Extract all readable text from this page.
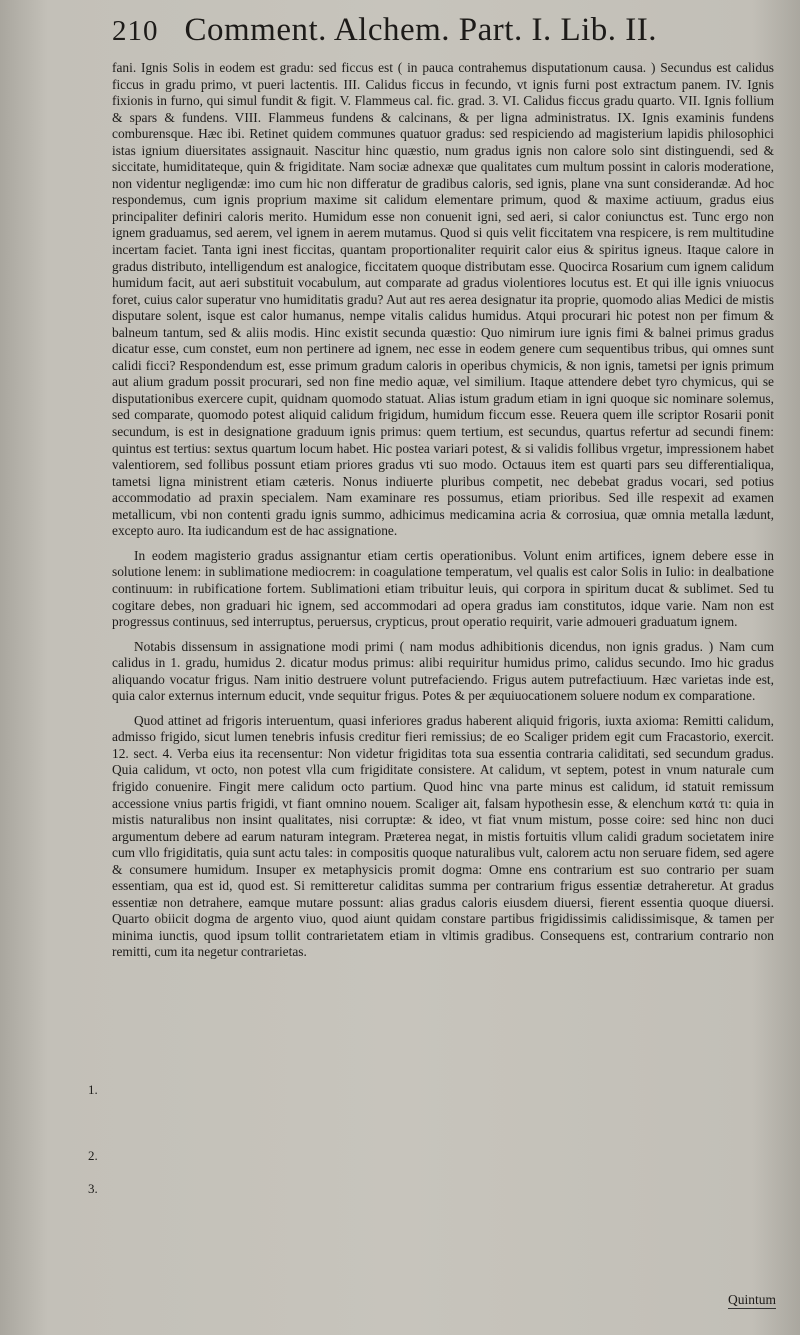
210 Comment. Alchem. Part. I. Lib. II.

fani. Ignis Solis in eodem est gradu: sed ficcus est ( in pauca contrahemus disputationum causa. ) Secundus est calidus ficcus in gradu primo, vt pueri lactentis. III. Calidus ficcus in fecundo, vt ignis furni post extractum panem. IV. Ignis fixionis in furno, qui simul fundit & figit. V. Flammeus cal. fic. grad. 3. VI. Calidus ficcus gradu quarto. VII. Ignis follium & spars & fundens. VIII. Flammeus fundens & calcinans, & per ligna administratus. IX. Ignis examinis fundens comburensque. Hæc ibi. Retinet quidem communes quatuor gradus: sed respiciendo ad magisterium lapidis philosophici istas ignium diuersitates assignauit. Nascitur hinc quæstio, num gradus ignis non calore solo sint distinguendi, sed & siccitate, humiditateque, quin & frigiditate. Nam sociæ adnexæ que qualitates cum multum possint in caloris moderatione, non videntur negligendæ: imo cum hic non differatur de gradibus caloris, sed ignis, plane vna sunt considerandæ. Ad hoc respondemus, cum ignis proprium maxime sit calidum elementare primum, quod & maxime actiuum, gradus eius principaliter definiri caloris merito. Humidum esse non conuenit igni, sed aeri, si calor coniunctus est. Tunc ergo non ignem graduamus, sed aerem, vel ignem in aerem mutamus. Quod si quis velit ficcitatem vna respicere, is rem multitudine incertam faciet. Tanta igni inest ficcitas, quantam proportionaliter requirit calor eius & spiritus igneus. Itaque calore in gradus distributo, intelligendum est analogice, ficcitatem quoque distributam esse. Quocirca Rosarium cum ignem calidum humidum facit, aut aeri substituit vocabulum, aut comparate ad gradus violentiores locutus est. Et qui ille ignis vniuocus foret, cuius calor superatur vno humiditatis gradu? Aut aut res aerea designatur ita proprie, quomodo alias Medici de mistis disputare solent, isque est calor humanus, nempe vitalis calidus humidus. Atqui procurari hic potest non per fimum & balneum tantum, sed & aliis modis. Hinc existit secunda quæstio: Quo nimirum iure ignis fimi & balnei primus gradus dicatur esse, cum constet, eum non pertinere ad ignem, nec esse in eodem genere cum sequentibus tribus, qui omnes sunt calidi ficci? Respondendum est, esse primum gradum caloris in operibus chymicis, & non ignis, tametsi per ignis primum aut alium gradum possit procurari, sed non fine medio aquæ, vel similium. Itaque attendere debet tyro chymicus, qui se disputationibus exercere cupit, quidnam quomodo statuat. Alias istum gradum etiam in igni quoque sic nominare solemus, sed comparate, quomodo potest aliquid calidum frigidum, humidum ficcum esse. Reuera quem ille scriptor Rosarii ponit secundum, is est in designatione graduum ignis primus: quem tertium, est secundus, quartus refertur ad secundi finem: quintus est tertius: sextus quartum locum habet. Hic postea variari potest, & si validis follibus vrgetur, impressionem habet valentiorem, sed follibus possunt etiam priores gradus vti suo modo. Octauus item est quarti pars seu differentialiqua, tametsi ligna ministrent etiam cæteris. Nonus indiuerte pluribus competit, nec debebat gradus vocari, sed potius accommodatio ad praxin specialem. Nam examinare res possumus, etiam prioribus. Sed ille respexit ad examen metallicum, vbi non contenti gradu ignis summo, adhicimus medicamina acria & corrosiua, quæ omnia metalla lædunt, excepto auro. Ita iudicandum est de hac assignatione.

In eodem magisterio gradus assignantur etiam certis operationibus. Volunt enim artifices, ignem debere esse in solutione lenem: in sublimatione mediocrem: in coagulatione temperatum, vel qualis est calor Solis in Iulio: in dealbatione continuum: in rubificatione fortem. Sublimationi etiam tribuitur leuis, qui corpora in spiritum ducat & sublimet. Sed tu cogitare debes, non graduari hic ignem, sed accommodari ad opera gradus iam constitutos, idque varie. Nam non est progressus continuus, sed interruptus, peruersus, crypticus, prout operatio requirit, varie admoueri graduatum ignem.

Notabis dissensum in assignatione modi primi ( nam modus adhibitionis dicendus, non ignis gradus. ) Nam cum calidus in 1. gradu, humidus 2. dicatur modus primus: alibi requiritur humidus primo, calidus secundo. Imo hic gradus aliquando vocatur frigus. Nam initio destruere volunt putrefaciendo. Frigus autem putrefactiuum. Hæc varietas inde est, quia calor externus internum educit, vnde sequitur frigus. Potes & per æquiuocationem soluere nodum ex comparatione.

Quod attinet ad frigoris interuentum, quasi inferiores gradus haberent aliquid frigoris, iuxta axioma: Remitti calidum, admisso frigido, sicut lumen tenebris infusis creditur fieri remissius; de eo Scaliger pridem egit cum Fracastorio, exercit. 12. sect. 4. Verba eius ita recensentur: Non videtur frigiditas tota sua essentia contraria caliditati, sed secundum gradus. Quia calidum, vt octo, non potest vlla cum frigiditate consistere. At calidum, vt septem, potest in vnum naturale cum frigido conuenire. Fingit mere calidum octo partium. Quod hinc vna parte minus est calidum, id statuit remissum accessione vnius partis frigidi, vt fiant omnino nouem. Scaliger ait, falsam hypothesin esse, & elenchum κατά τι: quia in mistis naturalibus non insint qualitates, nisi corruptæ: & ideo, vt fiat vnum mistum, posse coire: sed hinc non duci argumentum debere ad earum naturam integram. Præterea negat, in mistis fortuitis vllum calidi gradum societatem inire cum vllo frigiditatis, quia sunt actu tales: in compositis quoque naturalibus vult, calorem actu non seruare fidem, sed agere & consumere humidum. Insuper ex metaphysicis promit dogma: Omne ens contrarium est suo contrario per suam essentiam, qua est id, quod est. Si remitteretur caliditas summa per contrarium frigus essentiæ detraheretur. At gradus essentiæ non detrahere, eamque mutare possunt: alias gradus caloris eiusdem diuersi, fierent essentia quoque diuersi. Quarto obiicit dogma de argento viuo, quod aiunt quidam constare partibus frigidissimis calidissimisque, & tamen per minima iunctis, quod ipsum tollit contrarietatem etiam in vltimis gradibus. Consequens est, contrarium contrario non remitti, cum ita negetur contrarietas.

1.
2.
3.
Quintum
